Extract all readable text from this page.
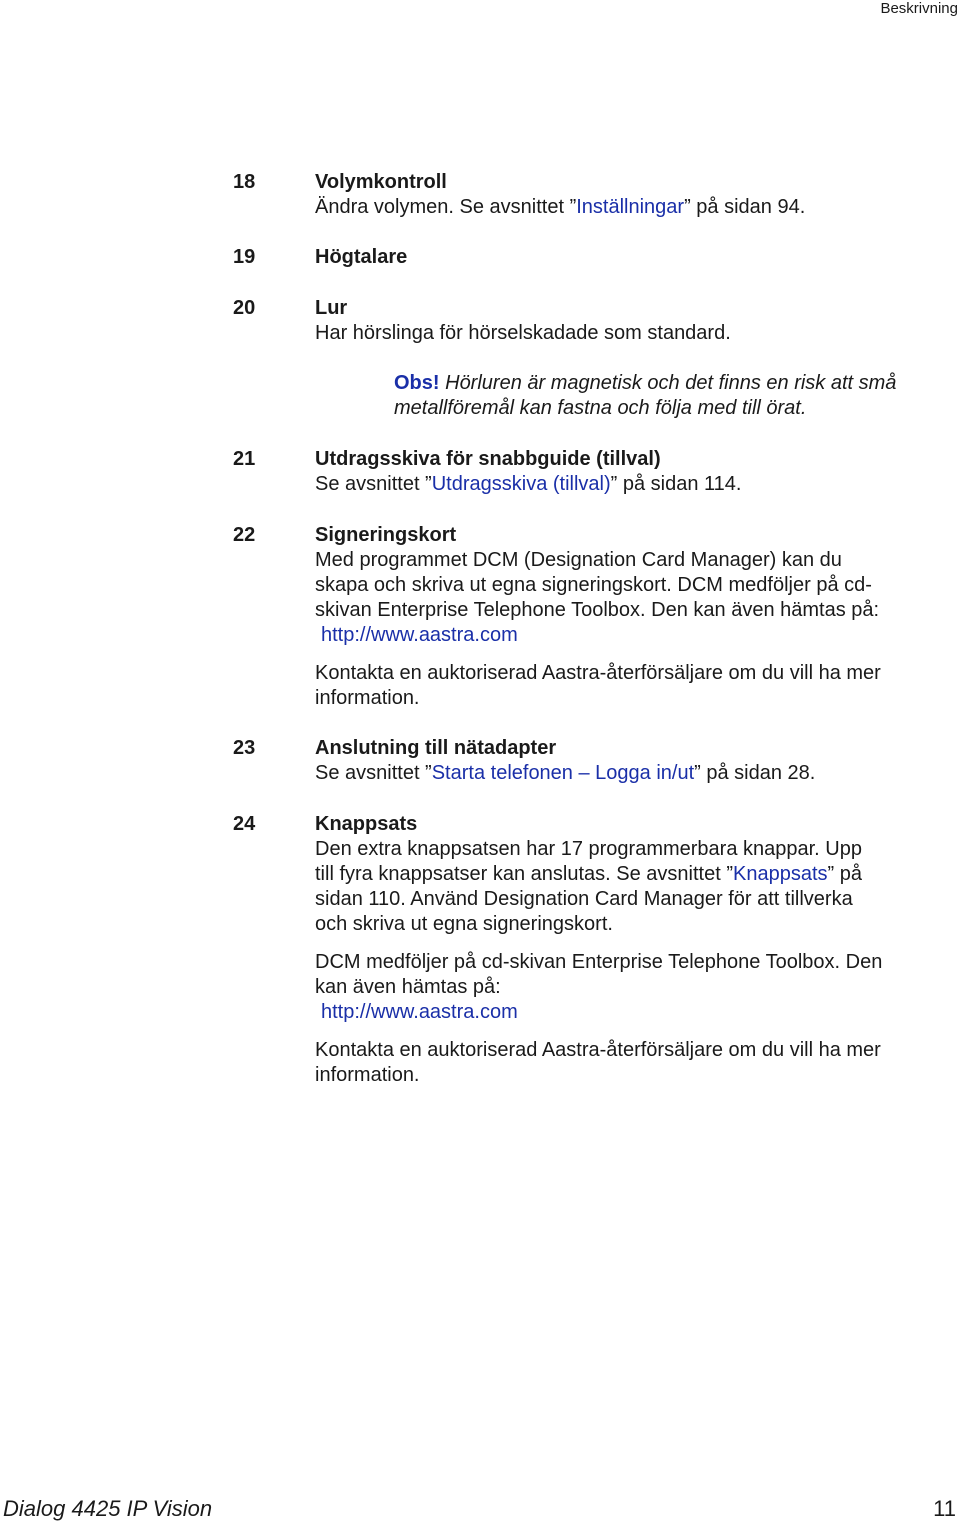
Beskrivning
18	Volymkontroll
Ändra volymen. Se avsnittet ”Inställningar” på sidan 94.
19	Högtalare
20	Lur
Har hörslinga för hörselskadade som standard.
Obs! Hörluren är magnetisk och det finns en risk att små
metallföremål kan fastna och följa med till örat.
21	Utdragsskiva för snabbguide (tillval)
Se avsnittet ”Utdragsskiva (tillval)” på sidan 114.
22	Signeringskort
Med programmet DCM (Designation Card Manager) kan du
skapa och skriva ut egna signeringskort. DCM medföljer på cd-
skivan Enterprise Telephone Toolbox. Den kan även hämtas på:
http://www.aastra.com
Kontakta en auktoriserad Aastra-återförsäljare om du vill ha mer
information.
23	Anslutning till nätadapter
Se avsnittet ”Starta telefonen – Logga in/ut” på sidan 28.
24	Knappsats
Den extra knappsatsen har 17 programmerbara knappar. Upp
till fyra knappsatser kan anslutas. Se avsnittet ”Knappsats” på
sidan 110. Använd Designation Card Manager för att tillverka
och skriva ut egna signeringskort.
DCM medföljer på cd-skivan Enterprise Telephone Toolbox. Den
kan även hämtas på:
http://www.aastra.com
Kontakta en auktoriserad Aastra-återförsäljare om du vill ha mer
information.
Dialog 4425 IP Vision	11
